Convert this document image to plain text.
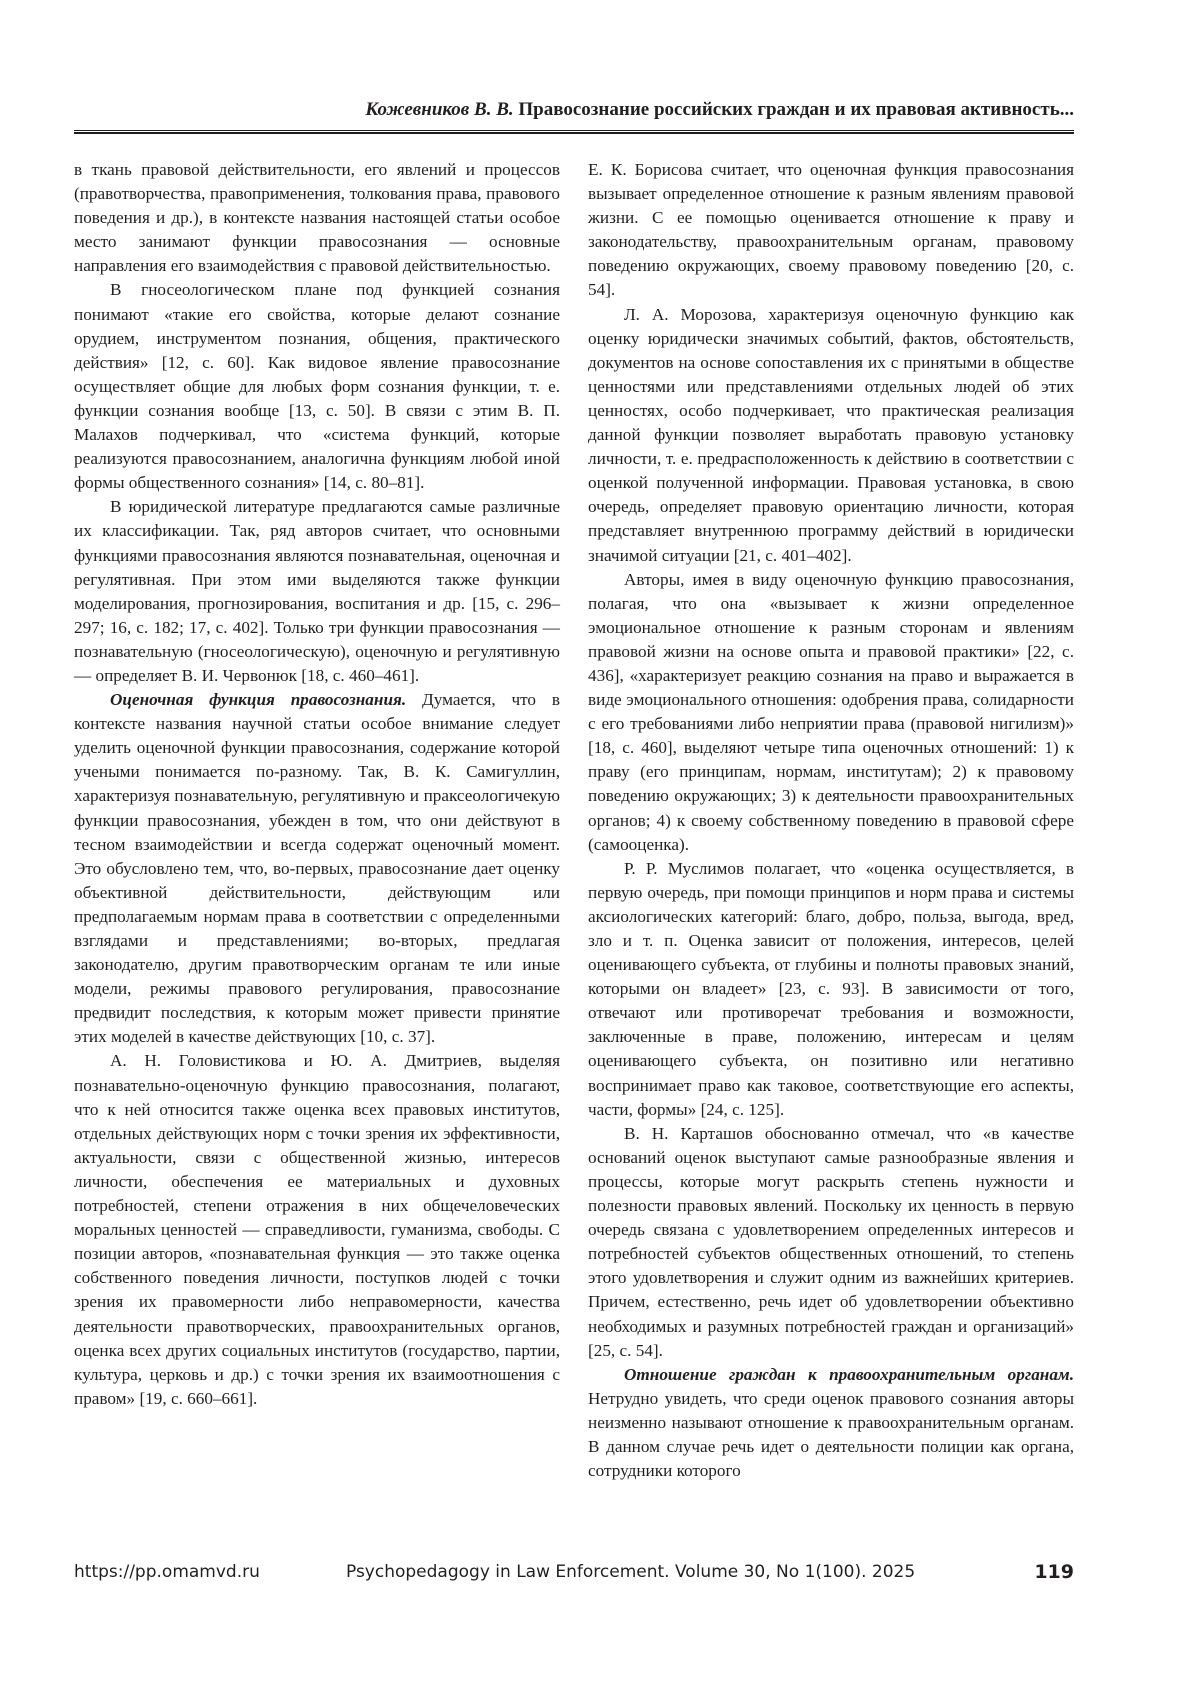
Кожевников В. В. Правосознание российских граждан и их правовая активность...

в ткань правовой действительности, его явлений и процессов (правотворчества, правоприменения, толкования права, правового поведения и др.), в контексте названия настоящей статьи особое место занимают функции правосознания — основные направления его взаимодействия с правовой действительностью.

В гносеологическом плане под функцией сознания понимают «такие его свойства, которые делают сознание орудием, инструментом познания, общения, практического действия» [12, с. 60]. Как видовое явление правосознание осуществляет общие для любых форм сознания функции, т. е. функции сознания вообще [13, с. 50]. В связи с этим В. П. Малахов подчеркивал, что «система функций, которые реализуются правосознанием, аналогична функциям любой иной формы общественного сознания» [14, с. 80–81].

В юридической литературе предлагаются самые различные их классификации. Так, ряд авторов считает, что основными функциями правосознания являются познавательная, оценочная и регулятивная. При этом ими выделяются также функции моделирования, прогнозирования, воспитания и др. [15, с. 296–297; 16, с. 182; 17, с. 402]. Только три функции правосознания — познавательную (гносеологическую), оценочную и регулятивную — определяет В. И. Червонюк [18, с. 460–461].

Оценочная функция правосознания. Думается, что в контексте названия научной статьи особое внимание следует уделить оценочной функции правосознания, содержание которой учеными понимается по-разному. Так, В. К. Самигуллин, характеризуя познавательную, регулятивную и праксеологичекую функции правосознания, убежден в том, что они действуют в тесном взаимодействии и всегда содержат оценочный момент. Это обусловлено тем, что, во-первых, правосознание дает оценку объективной действительности, действующим или предполагаемым нормам права в соответствии с определенными взглядами и представлениями; во-вторых, предлагая законодателю, другим правотворческим органам те или иные модели, режимы правового регулирования, правосознание предвидит последствия, к которым может привести принятие этих моделей в качестве действующих [10, с. 37].

А. Н. Головистикова и Ю. А. Дмитриев, выделяя познавательно-оценочную функцию правосознания, полагают, что к ней относится также оценка всех правовых институтов, отдельных действующих норм с точки зрения их эффективности, актуальности, связи с общественной жизнью, интересов личности, обеспечения ее материальных и духовных потребностей, степени отражения в них общечеловеческих моральных ценностей — справедливости, гуманизма, свободы. С позиции авторов, «познавательная функция — это также оценка собственного поведения личности, поступков людей с точки зрения их правомерности либо неправомерности, качества деятельности правотворческих, правоохранительных органов, оценка всех других социальных институтов (государство, партии, культура, церковь и др.) с точки зрения их взаимоотношения с правом» [19, с. 660–661].

Е. К. Борисова считает, что оценочная функция правосознания вызывает определенное отношение к разным явлениям правовой жизни. С ее помощью оценивается отношение к праву и законодательству, правоохранительным органам, правовому поведению окружающих, своему правовому поведению [20, с. 54].

Л. А. Морозова, характеризуя оценочную функцию как оценку юридически значимых событий, фактов, обстоятельств, документов на основе сопоставления их с принятыми в обществе ценностями или представлениями отдельных людей об этих ценностях, особо подчеркивает, что практическая реализация данной функции позволяет выработать правовую установку личности, т. е. предрасположенность к действию в соответствии с оценкой полученной информации. Правовая установка, в свою очередь, определяет правовую ориентацию личности, которая представляет внутреннюю программу действий в юридически значимой ситуации [21, с. 401–402].

Авторы, имея в виду оценочную функцию правосознания, полагая, что она «вызывает к жизни определенное эмоциональное отношение к разным сторонам и явлениям правовой жизни на основе опыта и правовой практики» [22, с. 436], «характеризует реакцию сознания на право и выражается в виде эмоционального отношения: одобрения права, солидарности с его требованиями либо неприятии права (правовой нигилизм)» [18, с. 460], выделяют четыре типа оценочных отношений: 1) к праву (его принципам, нормам, институтам); 2) к правовому поведению окружающих; 3) к деятельности правоохранительных органов; 4) к своему собственному поведению в правовой сфере (самооценка).

Р. Р. Муслимов полагает, что «оценка осуществляется, в первую очередь, при помощи принципов и норм права и системы аксиологических категорий: благо, добро, польза, выгода, вред, зло и т. п. Оценка зависит от положения, интересов, целей оценивающего субъекта, от глубины и полноты правовых знаний, которыми он владеет» [23, с. 93]. В зависимости от того, отвечают или противоречат требования и возможности, заключенные в праве, положению, интересам и целям оценивающего субъекта, он позитивно или негативно воспринимает право как таковое, соответствующие его аспекты, части, формы» [24, с. 125].

В. Н. Карташов обоснованно отмечал, что «в качестве оснований оценок выступают самые разнообразные явления и процессы, которые могут раскрыть степень нужности и полезности правовых явлений. Поскольку их ценность в первую очередь связана с удовлетворением определенных интересов и потребностей субъектов общественных отношений, то степень этого удовлетворения и служит одним из важнейших критериев. Причем, естественно, речь идет об удовлетворении объективно необходимых и разумных потребностей граждан и организаций» [25, с. 54].

Отношение граждан к правоохранительным органам. Нетрудно увидеть, что среди оценок правового сознания авторы неизменно называют отношение к правоохранительным органам. В данном случае речь идет о деятельности полиции как органа, сотрудники которого

https://pp.omamvd.ru	Psychopedagogy in Law Enforcement. Volume 30, No 1(100). 2025	119
